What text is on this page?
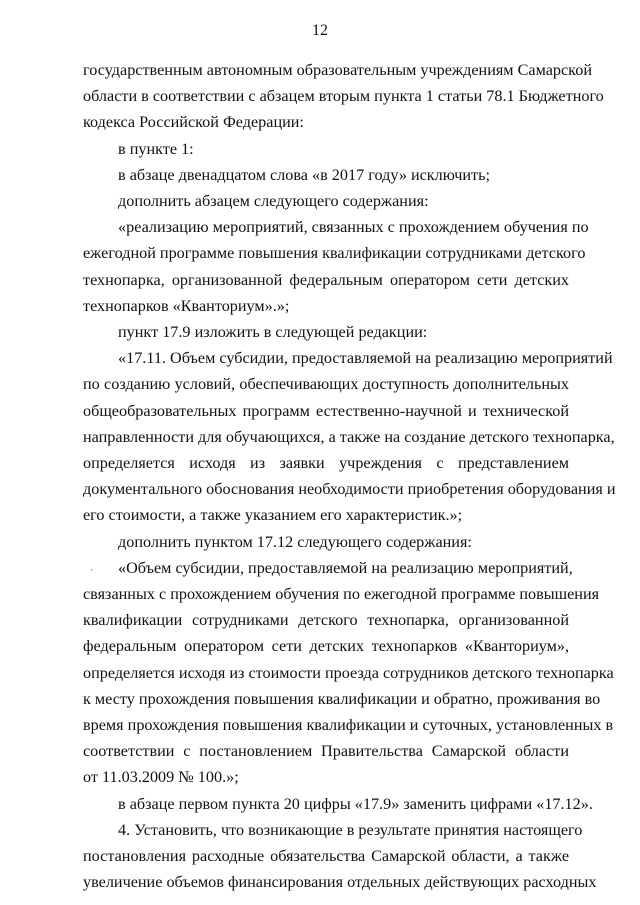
12
государственным автономным образовательным учреждениям Самарской
области в соответствии с абзацем вторым пункта 1 статьи 78.1 Бюджетного
кодекса Российской Федерации:
в пункте 1:
в абзаце двенадцатом слова «в 2017 году» исключить;
дополнить абзацем следующего содержания:
«реализацию мероприятий, связанных с прохождением обучения по
ежегодной программе повышения квалификации сотрудниками детского
технопарка, организованной федеральным оператором сети детских
технопарков «Кванториум».»;
пункт 17.9 изложить в следующей редакции:
«17.11. Объем субсидии, предоставляемой на реализацию мероприятий
по созданию условий, обеспечивающих доступность дополнительных
общеобразовательных программ естественно-научной и технической
направленности для обучающихся, а также на создание детского технопарка,
определяется исходя из заявки учреждения с представлением
документального обоснования необходимости приобретения оборудования и
его стоимости, а также указанием его характеристик.»;
дополнить пунктом 17.12 следующего содержания:
ˎ «Объем субсидии, предоставляемой на реализацию мероприятий,
связанных с прохождением обучения по ежегодной программе повышения
квалификации сотрудниками детского технопарка, организованной
федеральным оператором сети детских технопарков «Кванториум»,
определяется исходя из стоимости проезда сотрудников детского технопарка
к месту прохождения повышения квалификации и обратно, проживания во
время прохождения повышения квалификации и суточных, установленных в
соответствии с постановлением Правительства Самарской области
от 11.03.2009 № 100.»;
в абзаце первом пункта 20 цифры «17.9» заменить цифрами «17.12».
4. Установить, что возникающие в результате принятия настоящего
постановления расходные обязательства Самарской области, а также
увеличение объемов финансирования отдельных действующих расходных
